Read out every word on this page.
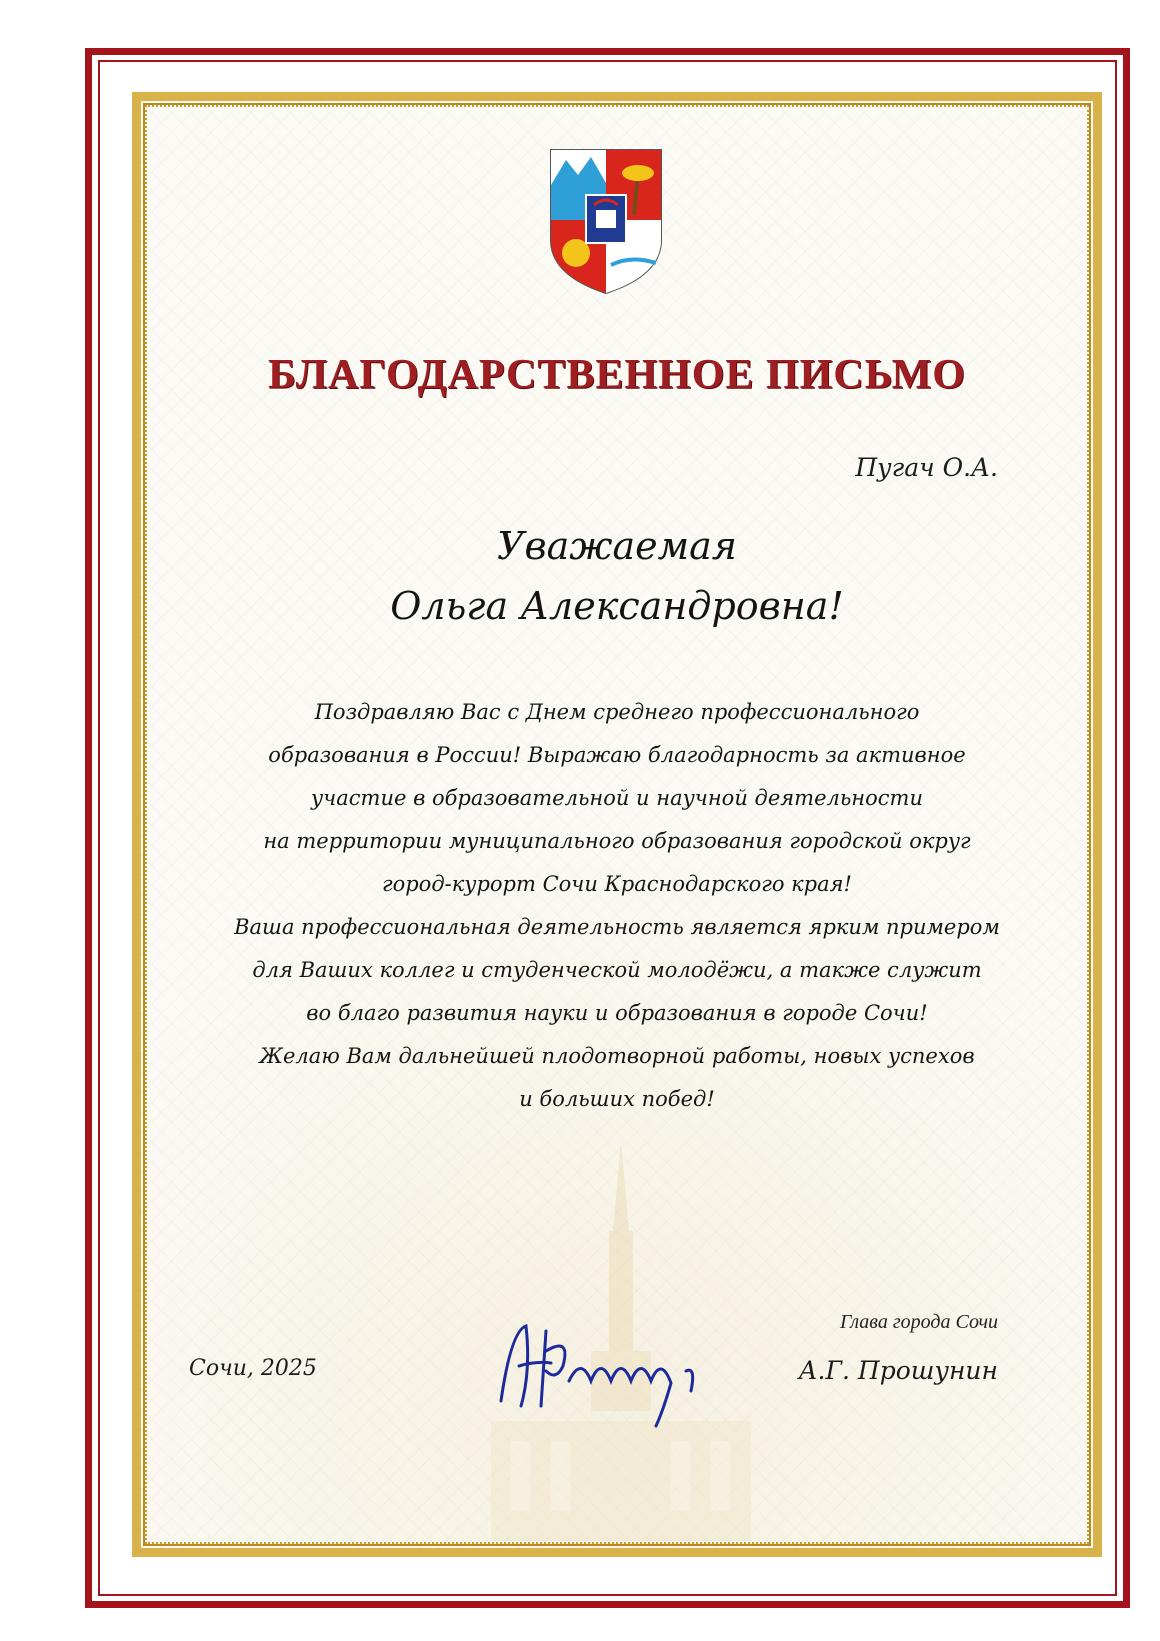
БЛАГОДАРСТВЕННОЕ ПИСЬМО
Пугач О.А.
Уважаемая
Ольга Александровна!
Поздравляю Вас с Днем среднего профессионального
образования в России! Выражаю благодарность за активное
участие в образовательной и научной деятельности
на территории муниципального образования городской округ
город-курорт Сочи Краснодарского края!
Ваша профессиональная деятельность является ярким примером
для Ваших коллег и студенческой молодёжи, а также служит
во благо развития науки и образования в городе Сочи!
Желаю Вам дальнейшей плодотворной работы, новых успехов
и больших побед!
Глава города Сочи
Сочи, 2025	А.Г. Прошунин
